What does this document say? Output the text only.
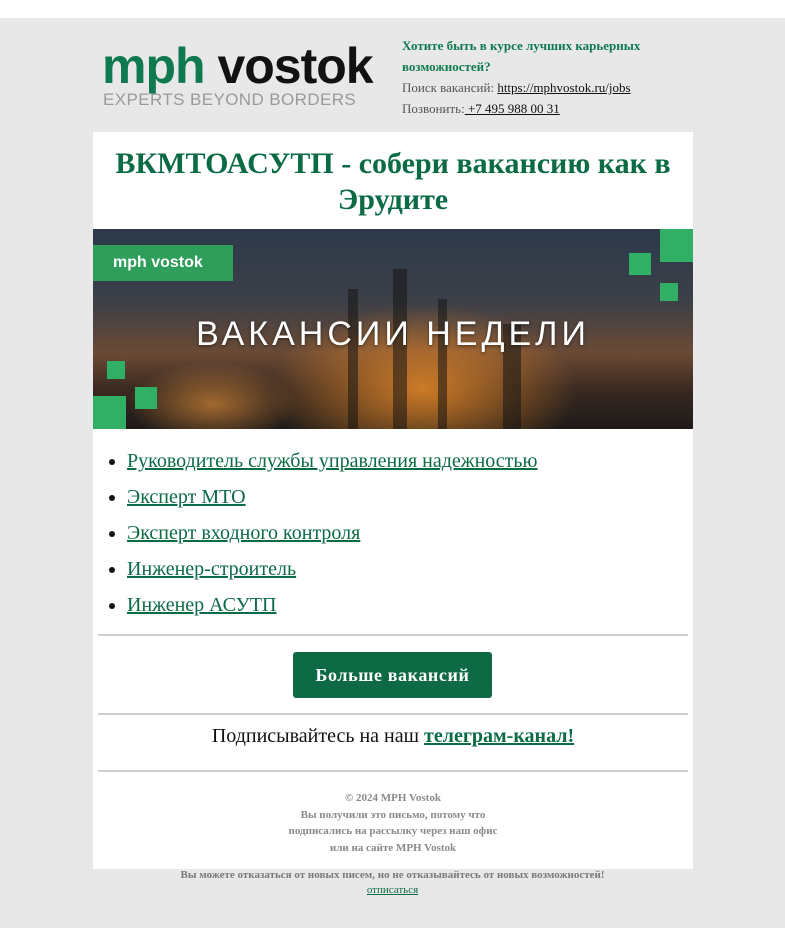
mph vostok
EXPERTS BEYOND BORDERS
Хотите быть в курсе лучших карьерных возможностей?
Поиск вакансий: https://mphvostok.ru/jobs
Позвонить: +7 495 988 00 31
ВКМТОАСУТП - собери вакансию как в Эрудите
mph vostok
ВАКАНСИИ НЕДЕЛИ
• Руководитель службы управления надежностью
• Эксперт МТО
• Эксперт входного контроля
• Инженер-строитель
• Инженер АСУТП
Больше вакансий
Подписывайтесь на наш телеграм-канал!
© 2024 MPH Vostok
Вы получили это письмо, потому что
подписались на рассылку через наш офис
или на сайте MPH Vostok
Вы можете отказаться от новых писем, но не отказывайтесь от новых возможностей!
отписаться
